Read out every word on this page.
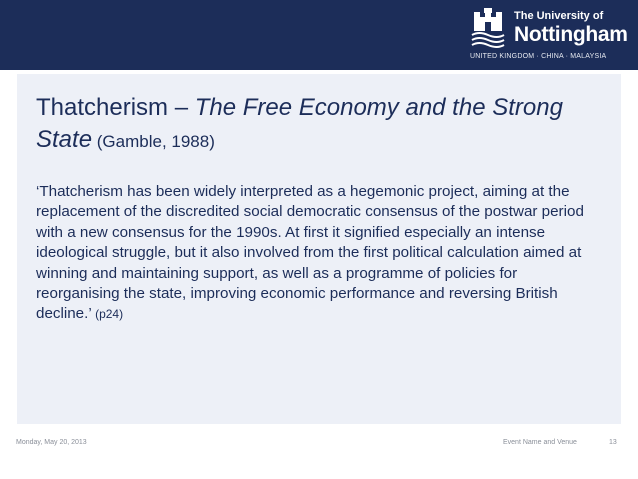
The University of
Nottingham
UNITED KINGDOM · CHINA · MALAYSIA
Thatcherism – The Free Economy and the Strong State (Gamble, 1988)
‘Thatcherism has been widely interpreted as a hegemonic project, aiming at the replacement of the discredited social democratic consensus of the postwar period with a new consensus for the 1990s. At first it signified especially an intense ideological struggle, but it also involved from the first political calculation aimed at winning and maintaining support, as well as a programme of policies for reorganising the state, improving economic performance and reversing British decline.’ (p24)
Monday, May 20, 2013	Event Name and Venue	13
